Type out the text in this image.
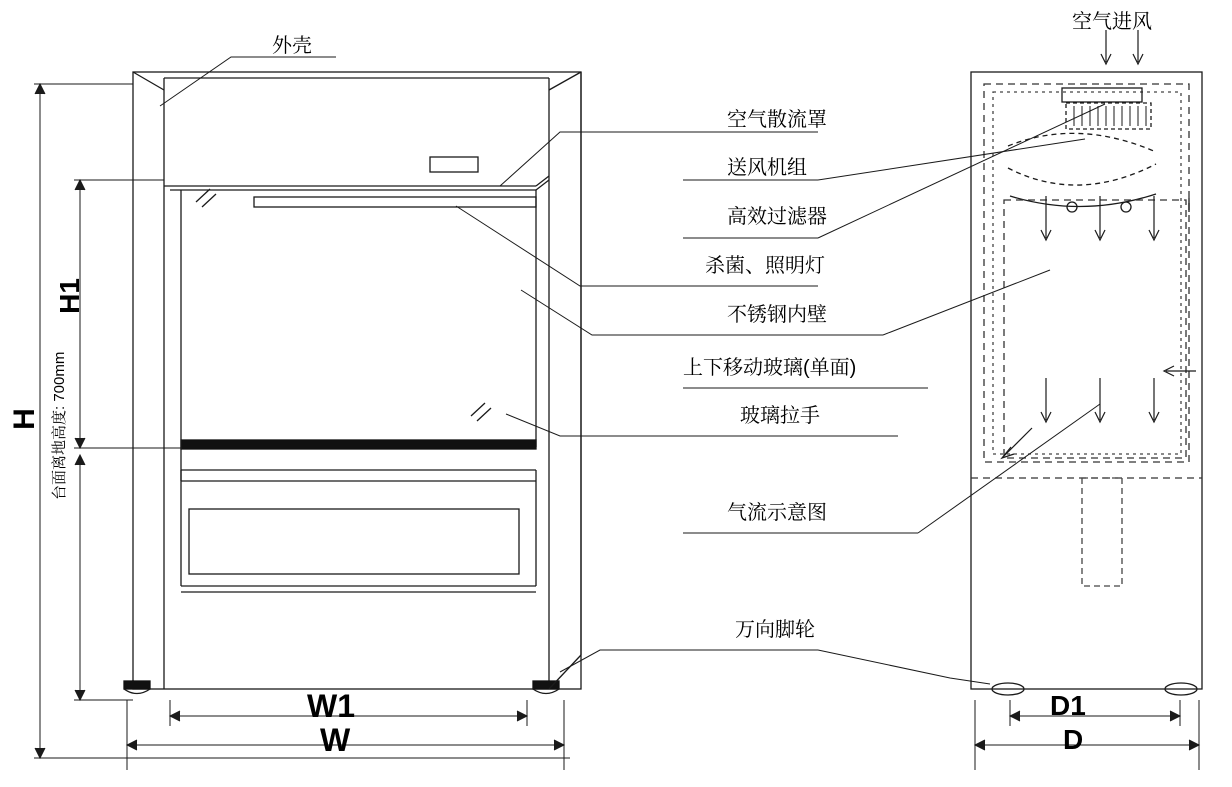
空气进风
外壳
空气散流罩
送风机组
高效过滤器
杀菌、照明灯
不锈钢内壁
上下移动玻璃(单面)
玻璃拉手
气流示意图
万向脚轮
H
H1
台面离地高度: 700mm
W1
W
D1
D
